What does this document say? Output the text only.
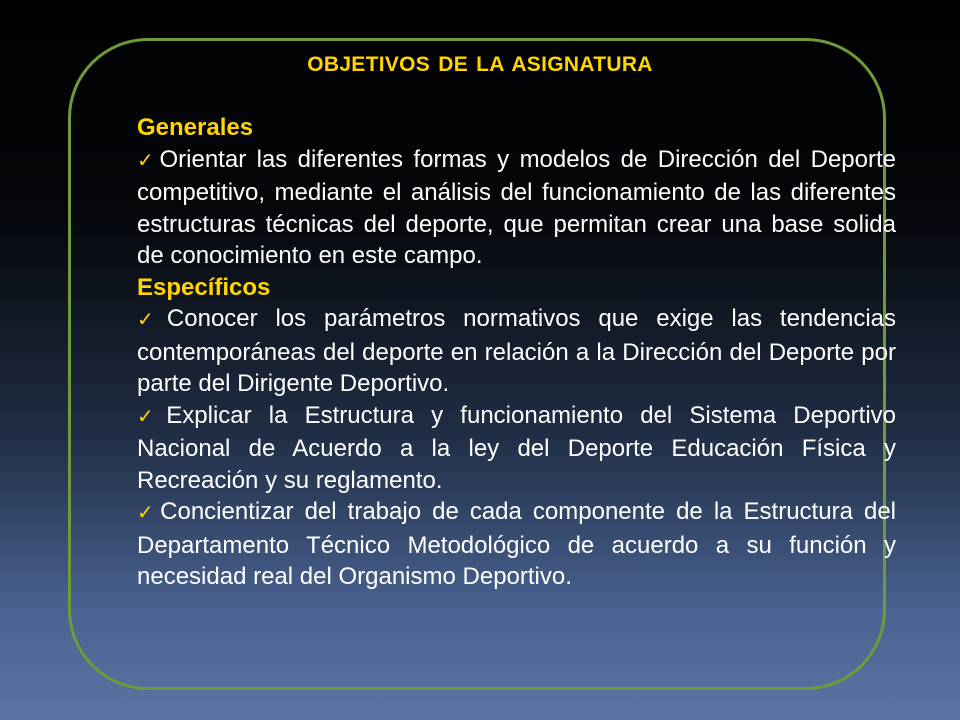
OBJETIVOS DE LA ASIGNATURA

Generales

✓Orientar las diferentes formas y modelos de Dirección del Deporte competitivo, mediante el análisis del funcionamiento de las diferentes estructuras técnicas del deporte, que permitan crear una base solida de conocimiento en este campo.

Específicos

✓Conocer los parámetros normativos que exige las tendencias contemporáneas del deporte en relación a la Dirección del Deporte por parte del Dirigente Deportivo.

✓Explicar la Estructura y funcionamiento del Sistema Deportivo Nacional de Acuerdo a la ley del Deporte Educación Física y Recreación y su reglamento.

✓Concientizar del trabajo de cada componente de la Estructura del Departamento Técnico Metodológico de acuerdo a su función y necesidad real del Organismo Deportivo.
